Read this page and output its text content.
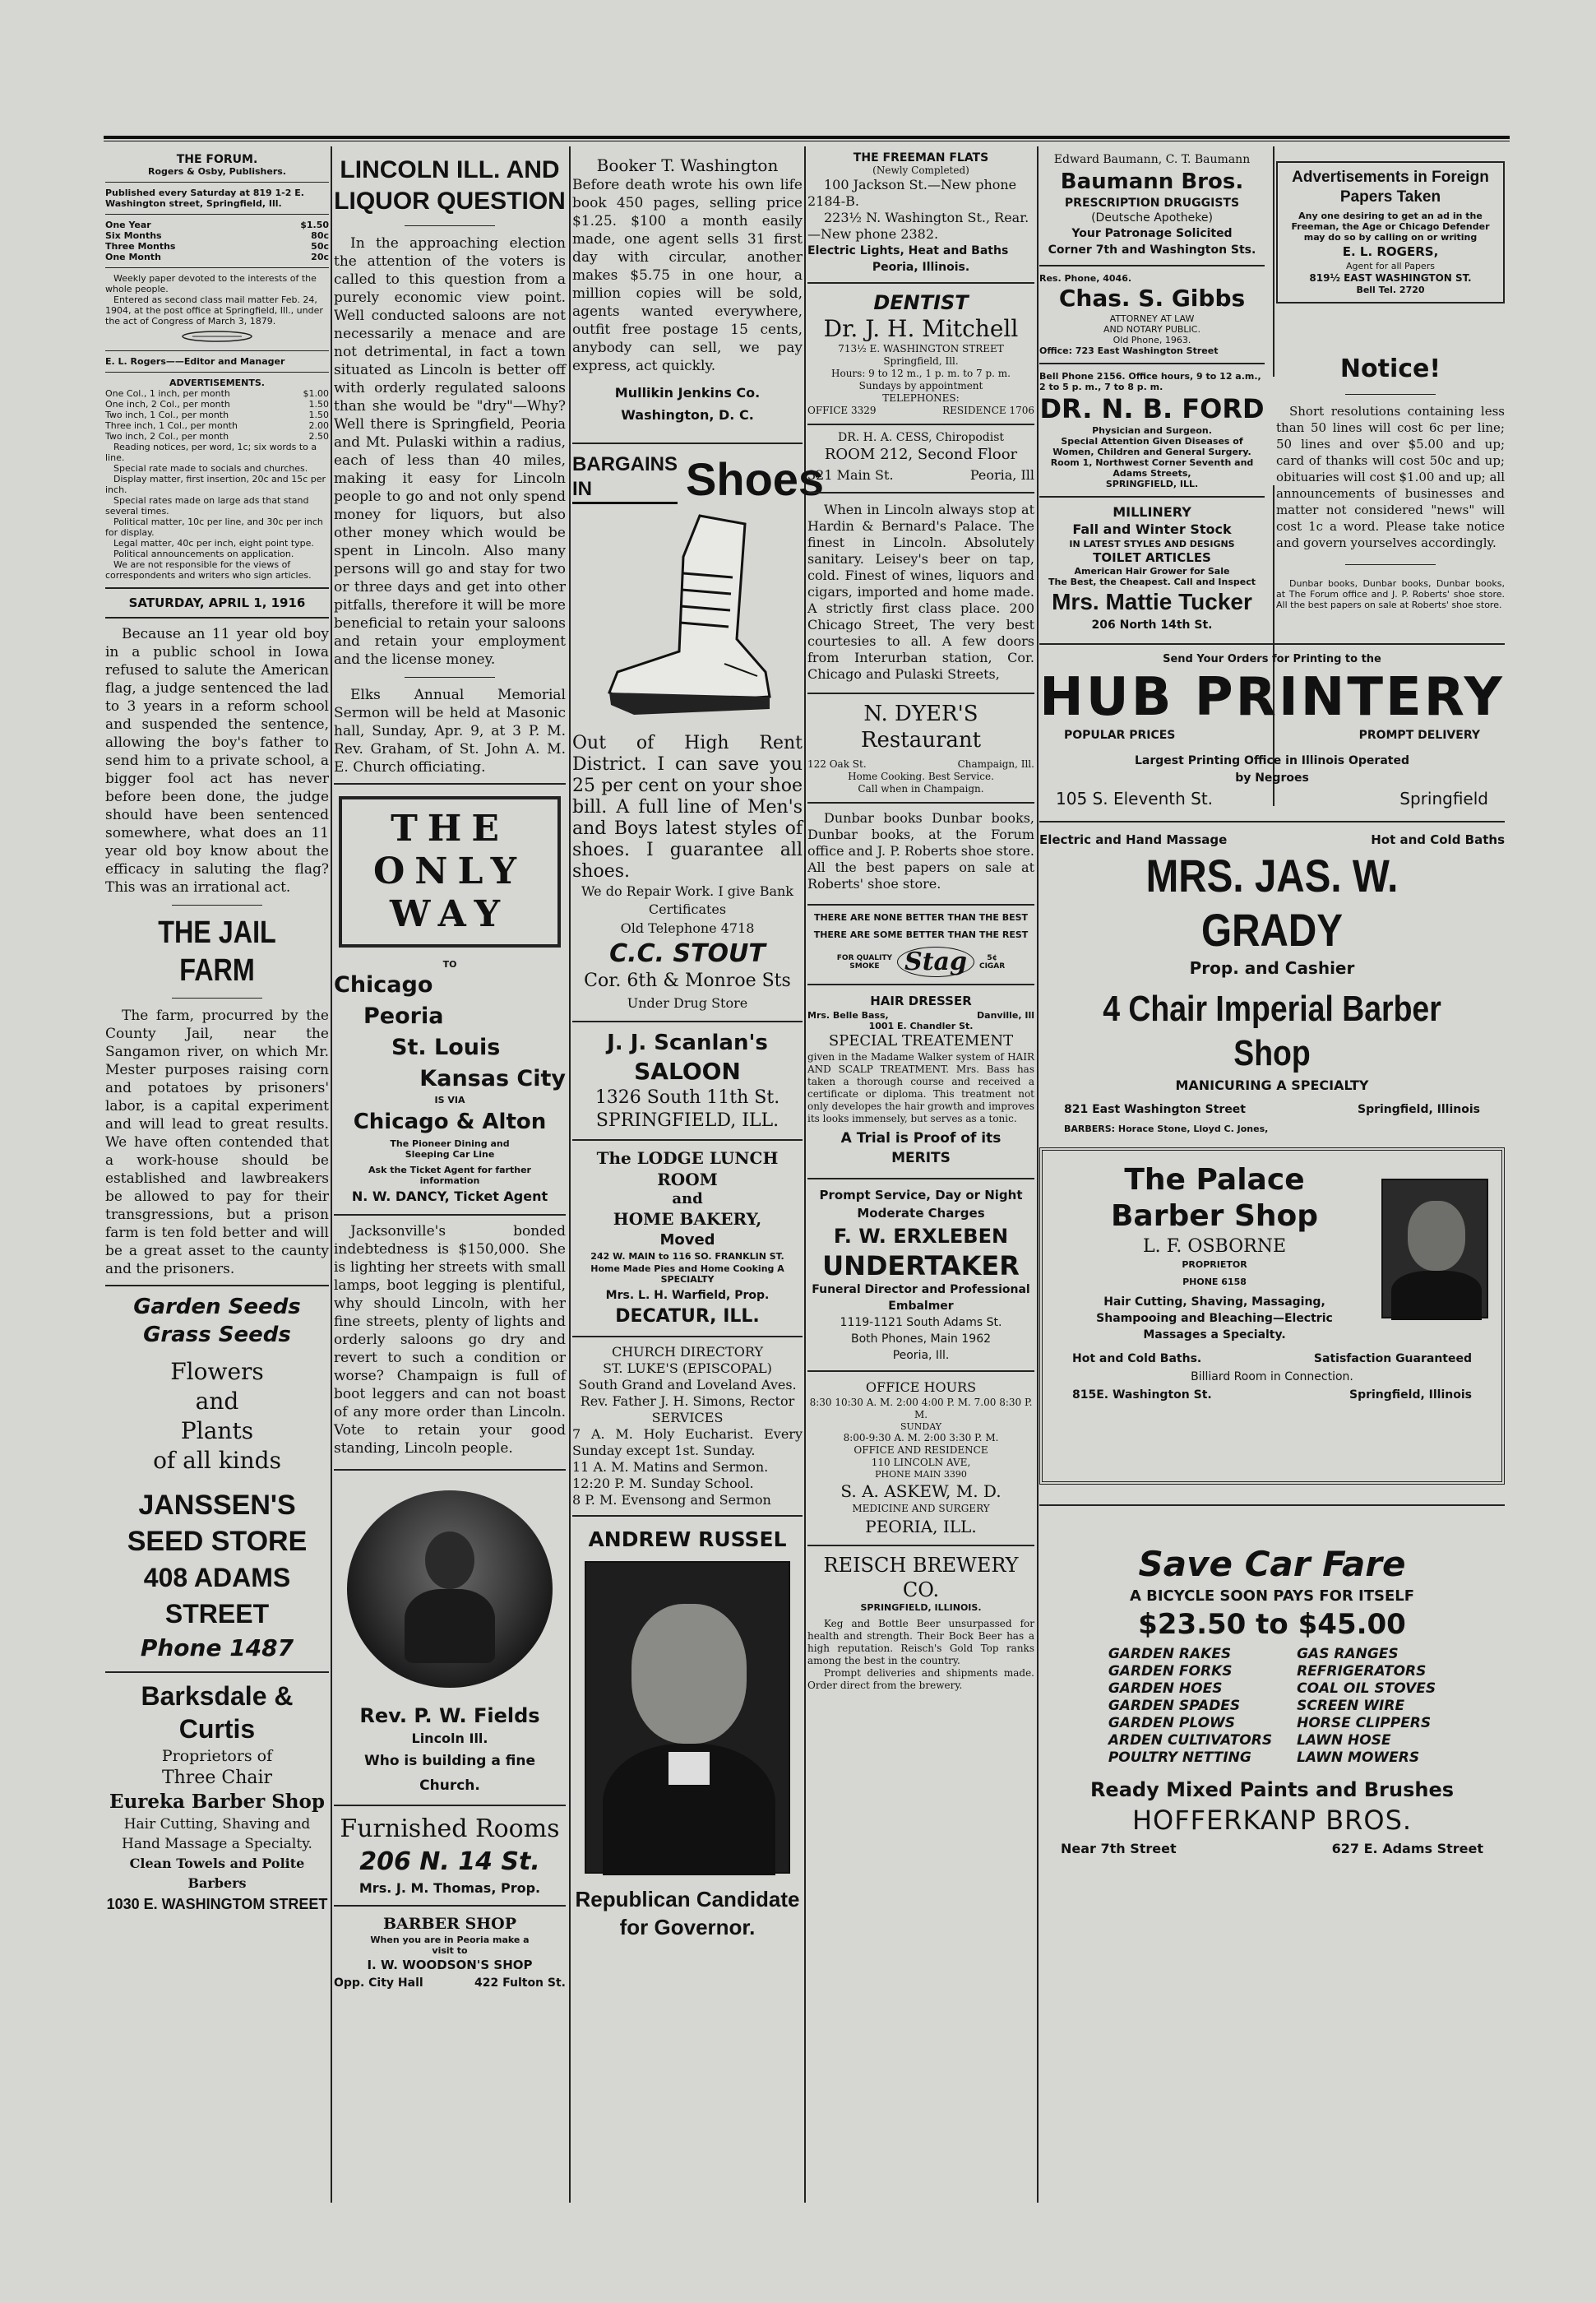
THE FORUM.
Rogers & Osby, Publishers.
Published every Saturday at 819 1-2 E. Washington street, Springfield, Ill.
One Year	$1.50
Six Months	80c
Three Months	50c
One Month	20c
Weekly paper devoted to the interests of the whole people.
Entered as second class mail matter Feb. 24, 1904, at the post office at Springfield, Ill., under the act of Congress of March 3, 1879.
E. L. Rogers——Editor and Manager
ADVERTISEMENTS.
One Col., 1 inch, per month	$1.00
One inch, 2 Col., per month	1.50
Two inch, 1 Col., per month	1.50
Three inch, 1 Col., per month	2.00
Two inch, 2 Col., per month	2.50
Reading notices, per word, 1c; six words to a line.
Special rate made to socials and churches.
Display matter, first insertion, 20c and 15c per inch.
Special rates made on large ads that stand several times.
Political matter, 10c per line, and 30c per inch for display.
Legal matter, 40c per inch, eight point type.
Political announcements on application.
We are not responsible for the views of correspondents and writers who sign articles.
SATURDAY, APRIL 1, 1916
Because an 11 year old boy in a public school in Iowa refused to salute the American flag, a judge sentenced the lad to 3 years in a reform school and suspended the sentence, allowing the boy's father to send him to a private school, a bigger fool act has never before been done, the judge should have been sentenced somewhere, what does an 11 year old boy know about the efficacy in saluting the flag? This was an irrational act.
THE JAIL FARM
The farm, procurred by the County Jail, near the Sangamon river, on which Mr. Mester purposes raising corn and potatoes by prisoners' labor, is a capital experiment and will lead to great results. We have often contended that a work-house should be established and lawbreakers be allowed to pay for their transgressions, but a prison farm is ten fold better and will be a great asset to the caunty and the prisoners.
Garden Seeds
Grass Seeds
Flowers
and
Plants
of all kinds
JANSSEN'S
SEED STORE
408 ADAMS STREET
Phone 1487
Barksdale & Curtis
Proprietors of
Three Chair
Eureka Barber Shop
Hair Cutting, Shaving and
Hand Massage a Specialty.
Clean Towels and Polite Barbers
1030 E. WASHINGTOM STREET
LINCOLN ILL. AND
LIQUOR QUESTION
In the approaching election the attention of the voters is called to this question from a purely economic view point. Well conducted saloons are not necessarily a menace and are not detrimental, in fact a town situated as Lincoln is better off with orderly regulated saloons than she would be "dry"—Why? Well there is Springfield, Peoria and Mt. Pulaski within a radius, each of less than 40 miles, making it easy for Lincoln people to go and not only spend money for liquors, but also other money which would be spent in Lincoln. Also many persons will go and stay for two or three days and get into other pitfalls, therefore it will be more beneficial to retain your saloons and retain your employment and the license money.
Elks Annual Memorial Sermon will be held at Masonic hall, Sunday, Apr. 9, at 3 P. M. Rev. Graham, of St. John A. M. E. Church officiating.
THE
ONLY
WAY
TO
Chicago
Peoria
St. Louis
Kansas City
IS VIA
Chicago & Alton
The Pioneer Dining and Sleeping Car Line
Ask the Ticket Agent for farther information
N. W. DANCY, Ticket Agent
Jacksonville's bonded indebtedness is $150,000. She is lighting her streets with small lamps, boot legging is plentiful, why should Lincoln, with her fine streets, plenty of lights and orderly saloons go dry and revert to such a condition or worse? Champaign is full of boot leggers and can not boast of any more order than Lincoln. Vote to retain your good standing, Lincoln people.
Rev. P. W. Fields
Lincoln Ill.
Who is building a fine Church.
Furnished Rooms
206 N. 14 St.
Mrs. J. M. Thomas, Prop.
BARBER SHOP
When you are in Peoria make a visit to
I. W. WOODSON'S SHOP
Opp. City Hall	422 Fulton St.
Booker T. Washington
Before death wrote his own life book 450 pages, selling price $1.25. $100 a month easily made, one agent sells 31 first day with circular, another makes $5.75 in one hour, a million copies will be sold, agents wanted everywhere, outfit free postage 15 cents, anybody can sell, we pay express, act quickly.
Mullikin Jenkins Co.
Washington, D. C.
BARGAINS IN	Shoes
Out of High Rent District. I can save you 25 per cent on your shoe bill. A full line of Men's and Boys latest styles of shoes. I guarantee all shoes.
We do Repair Work. I give Bank Certificates
Old Telephone 4718
C.C. STOUT
Cor. 6th & Monroe Sts
Under Drug Store
J. J. Scanlan's
SALOON
1326 South 11th St.
SPRINGFIELD, ILL.
The LODGE LUNCH ROOM
and
HOME BAKERY,
Moved
242 W. MAIN to 116 SO. FRANKLIN ST.
Home Made Pies and Home Cooking A SPECIALTY
Mrs. L. H. Warfield, Prop.
DECATUR, ILL.
CHURCH DIRECTORY
ST. LUKE'S (EPISCOPAL)
South Grand and Loveland Aves.
Rev. Father J. H. Simons, Rector
SERVICES
7 A. M. Holy Eucharist. Every Sunday except 1st. Sunday.
11 A. M. Matins and Sermon.
12:20 P. M. Sunday School.
8 P. M. Evensong and Sermon
ANDREW RUSSEL
Republican Candidate
for Governor.
THE FREEMAN FLATS
(Newly Completed)
100 Jackson St.—New phone 2184-B.
223½ N. Washington St., Rear. —New phone 2382.
Electric Lights, Heat and Baths
Peoria, Illinois.
DENTIST
Dr. J. H. Mitchell
713½ E. WASHINGTON STREET
Springfield, Ill.
Hours: 9 to 12 m., 1 p. m. to 7 p. m.
Sundays by appointment
TELEPHONES:
OFFICE 3329	RESIDENCE 1706
DR. H. A. CESS, Chiropodist
ROOM 212, Second Floor
321 Main St.	Peoria, Ill
When in Lincoln always stop at Hardin & Bernard's Palace. The finest in Lincoln. Absolutely sanitary. Leisey's beer on tap, cold. Finest of wines, liquors and cigars, imported and home made. A strictly first class place. 200 Chicago Street, The very best courtesies to all. A few doors from Interurban station, Cor. Chicago and Pulaski Streets,
N. DYER'S
Restaurant
122 Oak St.	Champaign, Ill.
Home Cooking. Best Service.
Call when in Champaign.
Dunbar books Dunbar books, Dunbar books, at the Forum office and J. P. Roberts shoe store. All the best papers on sale at Roberts' shoe store.
THERE ARE NONE BETTER THAN THE BEST
THERE ARE SOME BETTER THAN THE REST
FOR QUALITY
SMOKE	Stag	5¢
CIGAR
HAIR DRESSER
Mrs. Belle Bass,	Danville, Ill
1001 E. Chandler St.
SPECIAL TREATEMENT
given in the Madame Walker system of HAIR AND SCALP TREATMENT. Mrs. Bass has taken a thorough course and received a certificate or diploma. This treatment not only developes the hair growth and improves its looks immensely, but serves as a tonic.
A Trial is Proof of its MERITS
Prompt Service, Day or Night
Moderate Charges
F. W. ERXLEBEN
UNDERTAKER
Funeral Director and Professional Embalmer
1119-1121 South Adams St.
Both Phones, Main 1962
Peoria, Ill.
OFFICE HOURS
8:30 10:30 A. M. 2:00 4:00 P. M. 7.00 8:30 P. M.
SUNDAY
8:00-9:30 A. M. 2:00 3:30 P. M.
OFFICE AND RESIDENCE
110 LINCOLN AVE,
PHONE MAIN 3390
S. A. ASKEW, M. D.
MEDICINE AND SURGERY
PEORIA, ILL.
REISCH BREWERY CO.
SPRINGFIELD, ILLINOIS.
Keg and Bottle Beer unsurpassed for health and strength. Their Bock Beer has a high reputation. Reisch's Gold Top ranks among the best in the country.
Prompt deliveries and shipments made. Order direct from the brewery.
Edward Baumann, C. T. Baumann
Baumann Bros.
PRESCRIPTION DRUGGISTS
(Deutsche Apotheke)
Your Patronage Solicited
Corner 7th and Washington Sts.
Res. Phone, 4046.
Chas. S. Gibbs
ATTORNEY AT LAW
AND NOTARY PUBLIC.
Old Phone, 1963.
Office: 723 East Washington Street
Bell Phone 2156. Office hours, 9 to 12 a.m., 2 to 5 p. m., 7 to 8 p. m.
DR. N. B. FORD
Physician and Surgeon.
Special Attention Given Diseases of Women, Children and General Surgery.
Room 1, Northwest Corner Seventh and Adams Streets,
SPRINGFIELD, ILL.
MILLINERY
Fall and Winter Stock
IN LATEST STYLES AND DESIGNS
TOILET ARTICLES
American Hair Grower for Sale
The Best, the Cheapest. Call and Inspect
Mrs. Mattie Tucker
206 North 14th St.
Advertisements in Foreign Papers Taken
Any one desiring to get an ad in the Freeman, the Age or Chicago Defender may do so by calling on or writing
E. L. ROGERS,
Agent for all Papers
819½ EAST WASHINGTON ST.
Bell Tel. 2720
Notice!
Short resolutions containing less than 50 lines will cost 6c per line; 50 lines and over $5.00 and up; card of thanks will cost 50c and up; obituaries will cost $1.00 and up; all announcements of businesses and matter not considered "news" will cost 1c a word. Please take notice and govern yourselves accordingly.
Dunbar books, Dunbar books, Dunbar books, at The Forum office and J. P. Roberts' shoe store. All the best papers on sale at Roberts' shoe store.
Send Your Orders for Printing to the
HUB PRINTERY
POPULAR PRICES	PROMPT DELIVERY
Largest Printing Office in Illinois Operated
by Negroes
105 S. Eleventh St.	Springfield
Electric and Hand Massage	Hot and Cold Baths
MRS. JAS. W. GRADY
Prop. and Cashier
4 Chair Imperial Barber Shop
MANICURING A SPECIALTY
821 East Washington Street	Springfield, Illinois
BARBERS: Horace Stone, Lloyd C. Jones,
The Palace
Barber Shop
L. F. OSBORNE
PROPRIETOR
PHONE 6158
Hair Cutting, Shaving, Massaging, Shampooing and Bleaching—Electric Massages a Specialty.
Hot and Cold Baths.	Satisfaction Guaranteed
Billiard Room in Connection.
815E. Washington St.	Springfield, Illinois
Save Car Fare
A BICYCLE SOON PAYS FOR ITSELF
$23.50 to $45.00
GARDEN RAKES
GARDEN FORKS
GARDEN HOES
GARDEN SPADES
GARDEN PLOWS
ARDEN CULTIVATORS
POULTRY NETTING
GAS RANGES
REFRIGERATORS
COAL OIL STOVES
SCREEN WIRE
HORSE CLIPPERS
LAWN HOSE
LAWN MOWERS
Ready Mixed Paints and Brushes
HOFFERKANP BROS.
Near 7th Street	627 E. Adams Street
